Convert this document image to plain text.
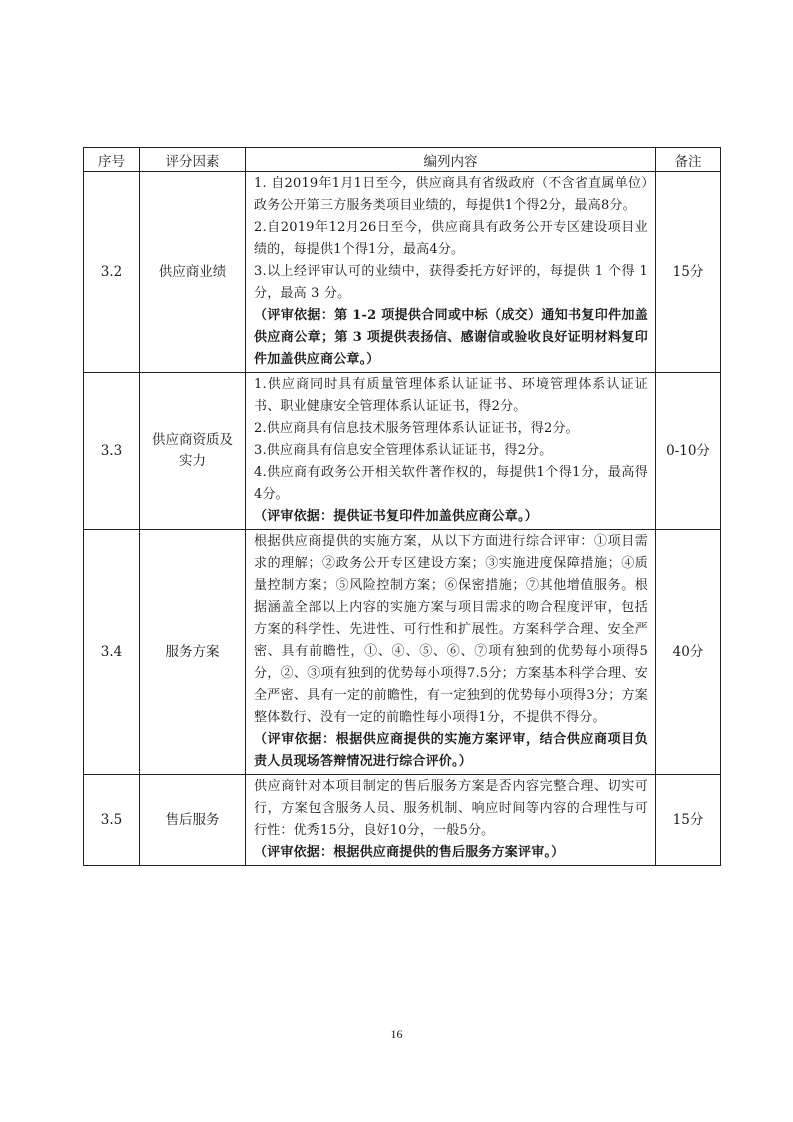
序号	评分因素	编列内容	备注
3.2	供应商业绩	1. 自2019年1月1日至今，供应商具有省级政府（不含省直属单位）政务公开第三方服务类项目业绩的，每提供1个得2分，最高8分。

2.自2019年12月26日至今，供应商具有政务公开专区建设项目业绩的，每提供1个得1分，最高4分。

3.以上经评审认可的业绩中，获得委托方好评的，每提供 1 个得 1 分，最高 3 分。

（评审依据：第 1-2 项提供合同或中标（成交）通知书复印件加盖供应商公章；第 3 项提供表扬信、感谢信或验收良好证明材料复印件加盖供应商公章。）	15分
3.3	供应商资质及实力	1.供应商同时具有质量管理体系认证证书、环境管理体系认证证书、职业健康安全管理体系认证证书，得2分。

2.供应商具有信息技术服务管理体系认证证书，得2分。

3.供应商具有信息安全管理体系认证证书，得2分。

4.供应商有政务公开相关软件著作权的，每提供1个得1分，最高得4分。

（评审依据：提供证书复印件加盖供应商公章。）	0-10分
3.4	服务方案	根据供应商提供的实施方案，从以下方面进行综合评审：①项目需求的理解；②政务公开专区建设方案；③实施进度保障措施；④质量控制方案；⑤风险控制方案；⑥保密措施；⑦其他增值服务。根据涵盖全部以上内容的实施方案与项目需求的吻合程度评审，包括方案的科学性、先进性、可行性和扩展性。方案科学合理、安全严密、具有前瞻性，①、④、⑤、⑥、⑦项有独到的优势每小项得5分，②、③项有独到的优势每小项得7.5分；方案基本科学合理、安全严密、具有一定的前瞻性，有一定独到的优势每小项得3分；方案整体数行、没有一定的前瞻性每小项得1分，不提供不得分。

（评审依据：根据供应商提供的实施方案评审，结合供应商项目负责人员现场答辩情况进行综合评价。）	40分
3.5	售后服务	供应商针对本项目制定的售后服务方案是否内容完整合理、切实可行，方案包含服务人员、服务机制、响应时间等内容的合理性与可行性：优秀15分，良好10分，一般5分。

（评审依据：根据供应商提供的售后服务方案评审。）	15分
16
